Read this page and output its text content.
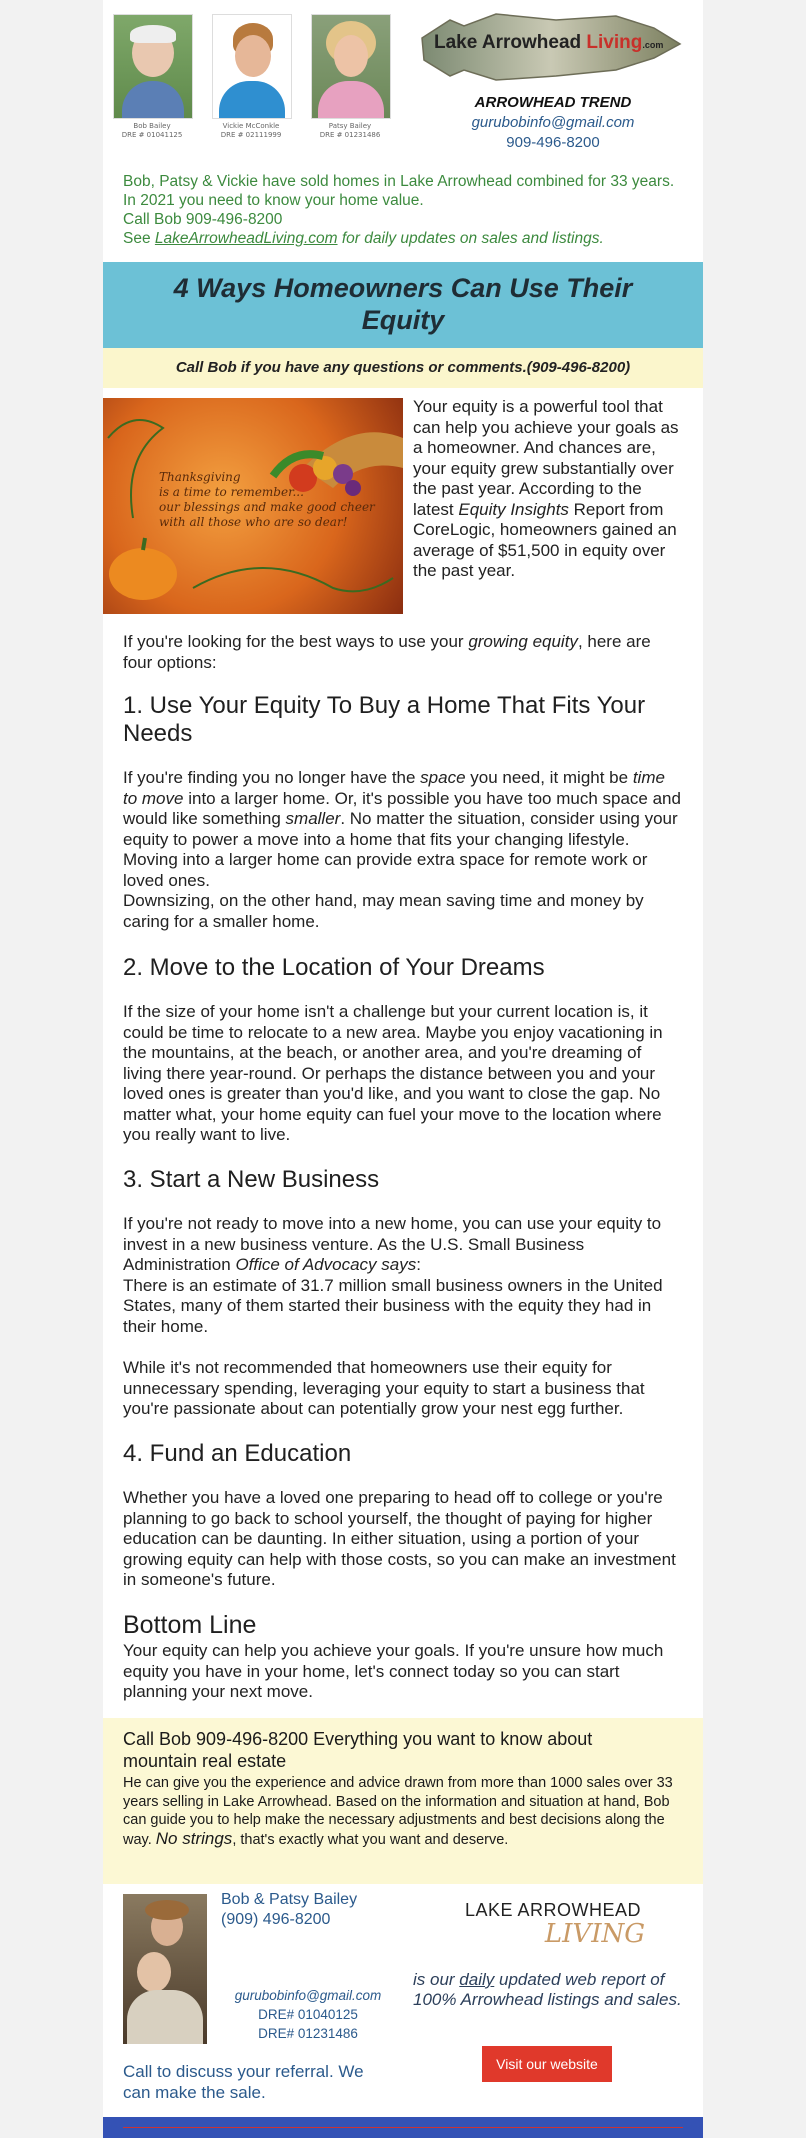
Bob Bailey
DRE # 01041125
Vickie McConkle
DRE # 02111999
Patsy Bailey
DRE # 01231486
Lake Arrowhead Living.com
ARROWHEAD TREND
gurubobinfo@gmail.com
909-496-8200
Bob, Patsy & Vickie have sold homes in Lake Arrowhead combined for 33 years. In 2021 you need to know your home value.
Call Bob 909-496-8200
See LakeArrowheadLiving.com for daily updates on sales and listings.
4 Ways Homeowners Can Use Their Equity
Call Bob if you have any questions or comments.(909-496-8200)
Thanksgiving
is a time to remember...
our blessings and make good cheer
with all those who are so dear!
Your equity is a powerful tool that can help you achieve your goals as a homeowner. And chances are, your equity grew substantially over the past year. According to the latest Equity Insights Report from CoreLogic, homeowners gained an average of $51,500 in equity over the past year.
If you're looking for the best ways to use your growing equity, here are four options:
1. Use Your Equity To Buy a Home That Fits Your Needs
If you're finding you no longer have the space you need, it might be time to move into a larger home. Or, it's possible you have too much space and would like something smaller. No matter the situation, consider using your equity to power a move into a home that fits your changing lifestyle. Moving into a larger home can provide extra space for remote work or loved ones.
Downsizing, on the other hand, may mean saving time and money by caring for a smaller home.
2. Move to the Location of Your Dreams
If the size of your home isn't a challenge but your current location is, it could be time to relocate to a new area. Maybe you enjoy vacationing in the mountains, at the beach, or another area, and you're dreaming of living there year-round. Or perhaps the distance between you and your loved ones is greater than you'd like, and you want to close the gap. No matter what, your home equity can fuel your move to the location where you really want to live.
3. Start a New Business
If you're not ready to move into a new home, you can use your equity to invest in a new business venture. As the U.S. Small Business Administration Office of Advocacy says:
There is an estimate of 31.7 million small business owners in the United States, many of them started their business with the equity they had in their home.
While it's not recommended that homeowners use their equity for unnecessary spending, leveraging your equity to start a business that you're passionate about can potentially grow your nest egg further.
4. Fund an Education
Whether you have a loved one preparing to head off to college or you're planning to go back to school yourself, the thought of paying for higher education can be daunting. In either situation, using a portion of your growing equity can help with those costs, so you can make an investment in someone's future.
Bottom Line
Your equity can help you achieve your goals. If you're unsure how much equity you have in your home, let's connect today so you can start planning your next move.
Call Bob 909-496-8200 Everything you want to know about mountain real estate
He can give you the experience and advice drawn from more than 1000 sales over 33 years selling in Lake Arrowhead. Based on the information and situation at hand, Bob can guide you to help make the necessary adjustments and best decisions along the way. No strings, that's exactly what you want and deserve.
Bob & Patsy Bailey
(909) 496-8200
gurubobinfo@gmail.com
DRE# 01040125
DRE# 01231486
Call to discuss your referral. We can make the sale.
LAKE ARROWHEAD
LIVING
is our daily updated web report of 100% Arrowhead listings and sales.
Visit our website
